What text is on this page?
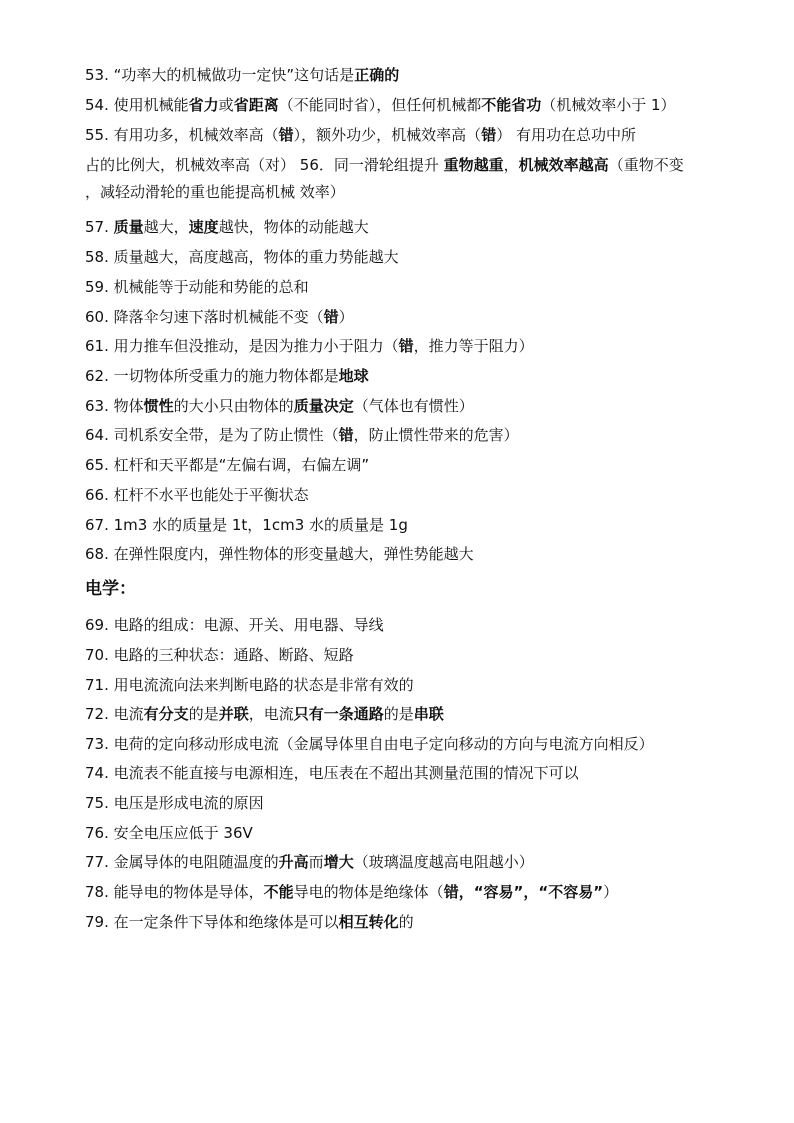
53. “功率大的机械做功一定快”这句话是正确的
54. 使用机械能省力或省距离（不能同时省），但任何机械都不能省功（机械效率小于 1）
55. 有用功多，机械效率高（错），额外功少，机械效率高（错） 有用功在总功中所
占的比例大，机械效率高（对） 56．同一滑轮组提升 重物越重，机械效率越高（重物不变
，减轻动滑轮的重也能提高机械 效率）
57. 质量越大，速度越快，物体的动能越大
58. 质量越大，高度越高，物体的重力势能越大
59. 机械能等于动能和势能的总和
60. 降落伞匀速下落时机械能不变（错）
61. 用力推车但没推动，是因为推力小于阻力（错，推力等于阻力）
62. 一切物体所受重力的施力物体都是地球
63. 物体惯性的大小只由物体的质量决定（气体也有惯性）
64. 司机系安全带，是为了防止惯性（错，防止惯性带来的危害）
65. 杠杆和天平都是“左偏右调，右偏左调”
66. 杠杆不水平也能处于平衡状态
67. 1m3 水的质量是 1t，1cm3 水的质量是 1g
68. 在弹性限度内，弹性物体的形变量越大，弹性势能越大
电学：
69. 电路的组成：电源、开关、用电器、导线
70. 电路的三种状态：通路、断路、短路
71. 用电流流向法来判断电路的状态是非常有效的
72. 电流有分支的是并联，电流只有一条通路的是串联
73. 电荷的定向移动形成电流（金属导体里自由电子定向移动的方向与电流方向相反）
74. 电流表不能直接与电源相连，电压表在不超出其测量范围的情况下可以
75. 电压是形成电流的原因
76. 安全电压应低于 36V
77. 金属导体的电阻随温度的升高而增大（玻璃温度越高电阻越小）
78. 能导电的物体是导体，不能导电的物体是绝缘体（错，“容易”，“不容易”）
79. 在一定条件下导体和绝缘体是可以相互转化的
